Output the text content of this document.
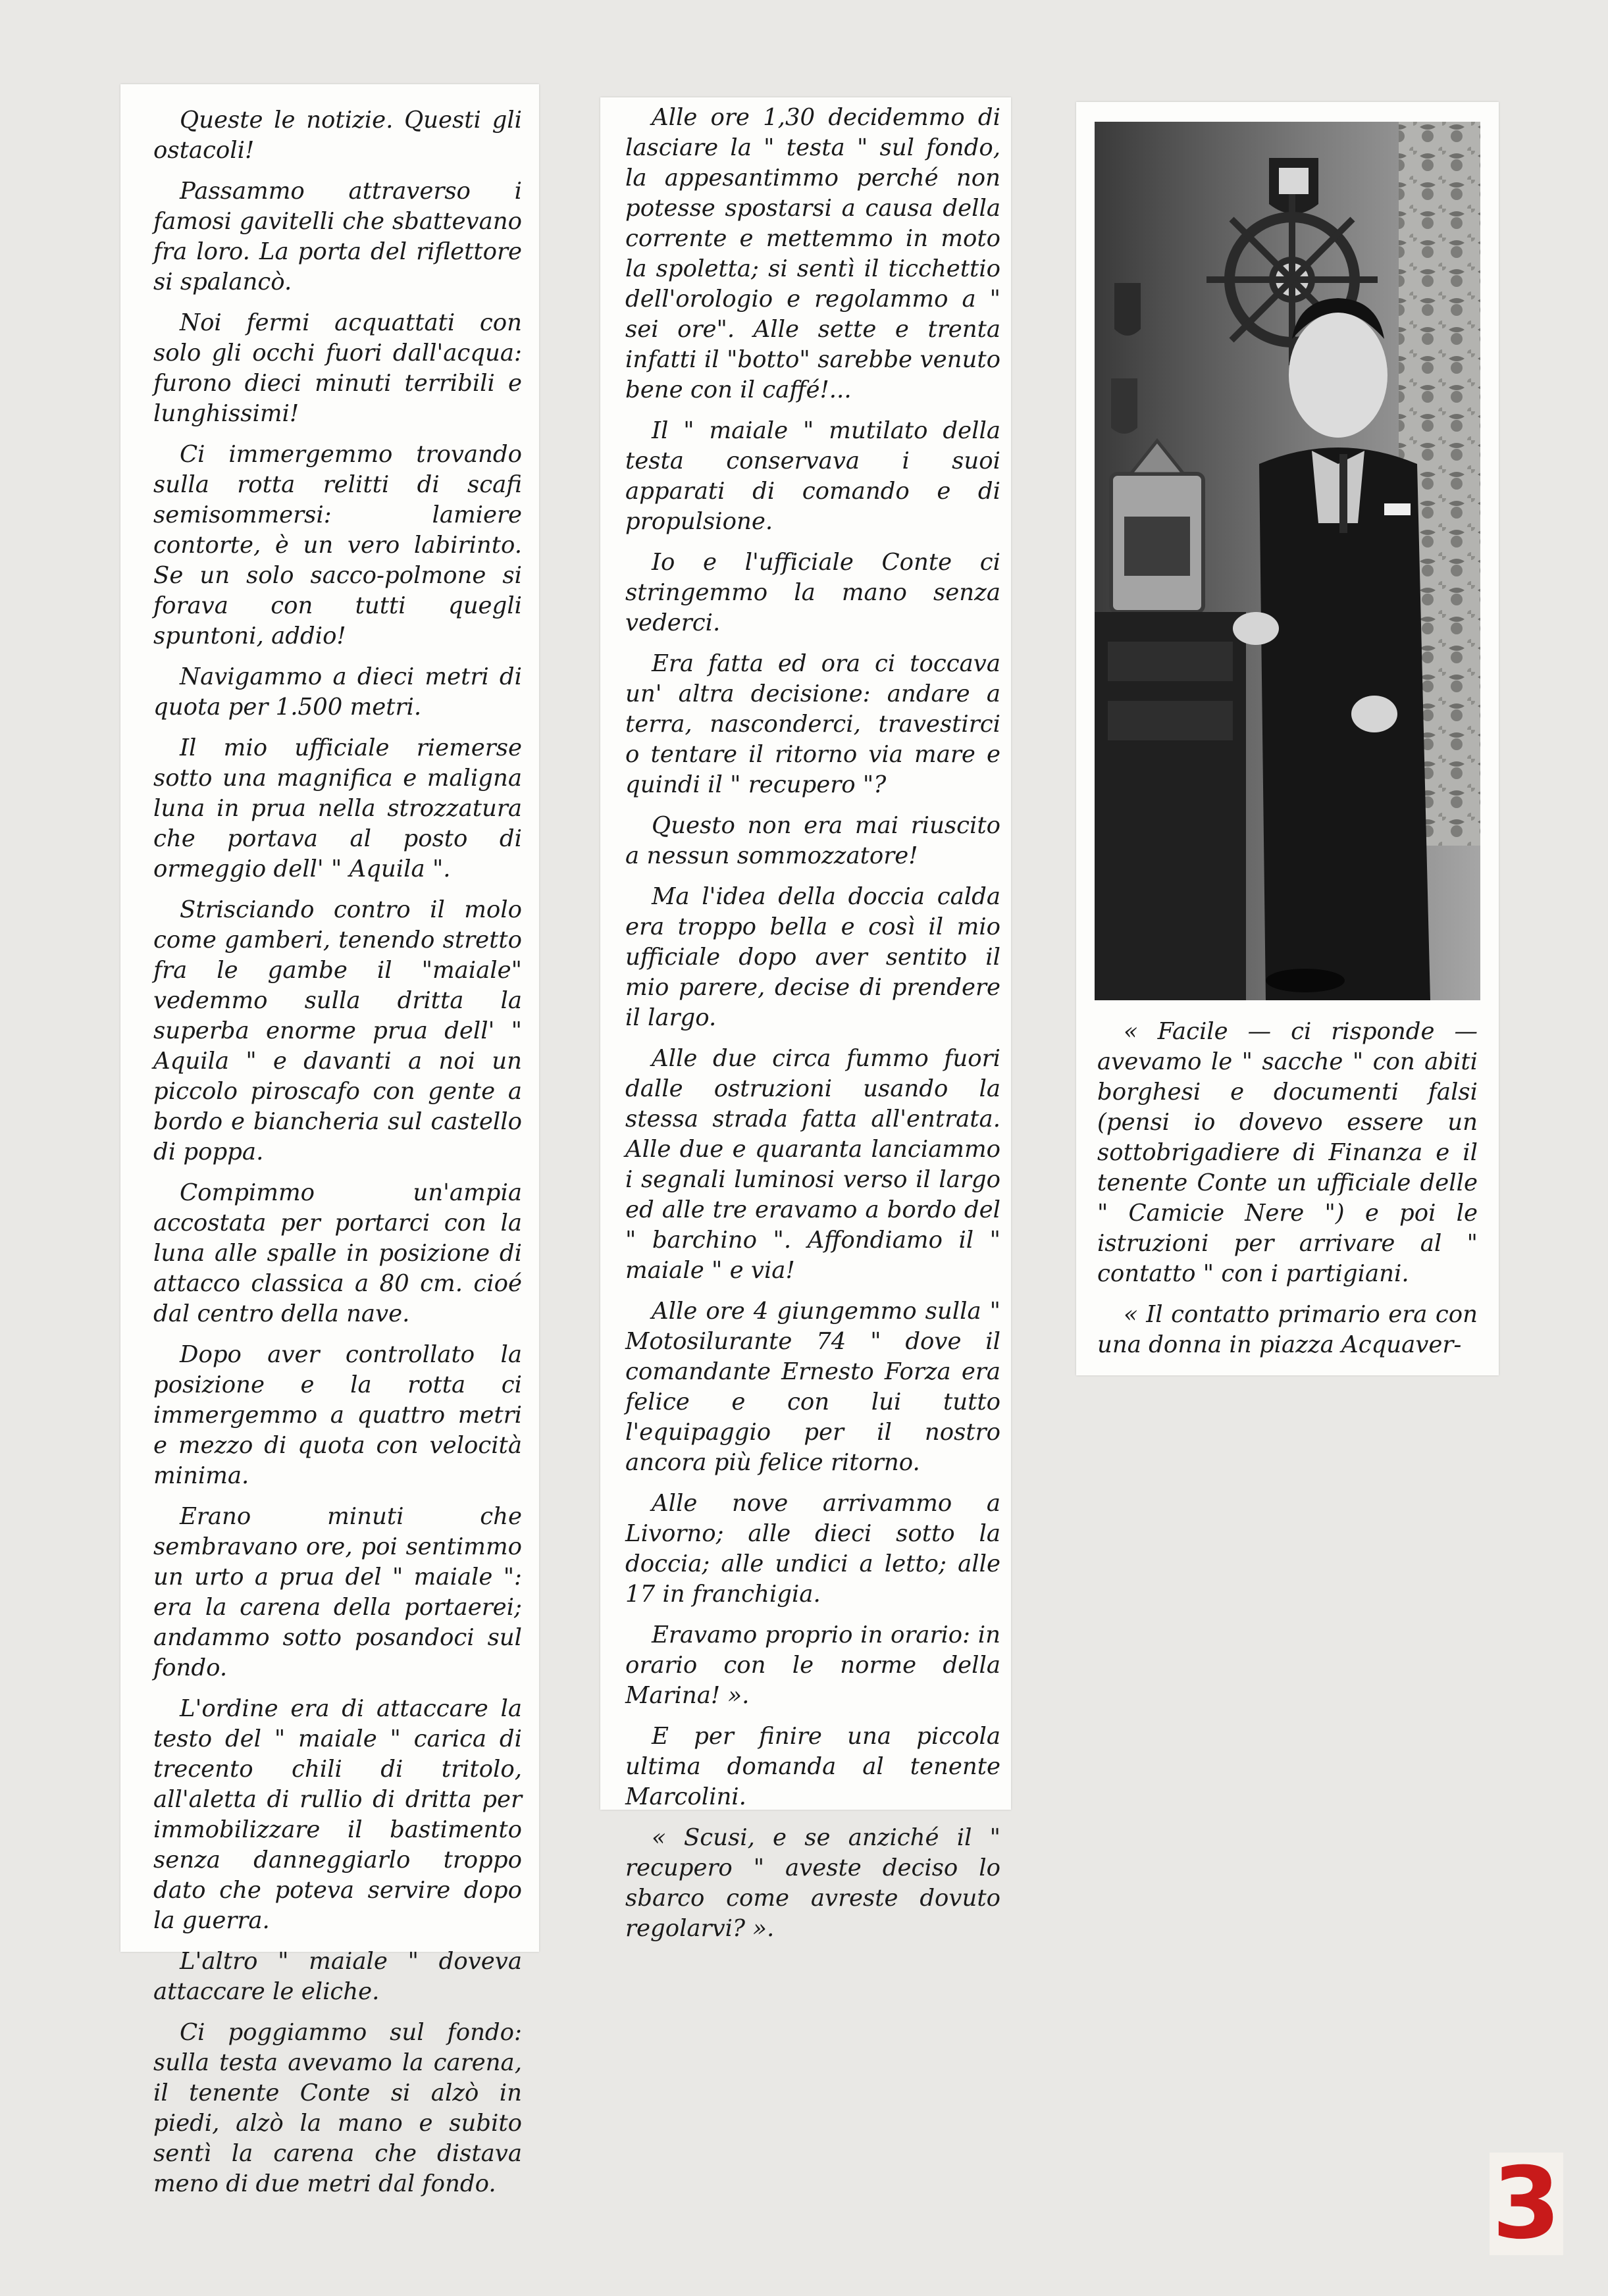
Queste le notizie. Questi gli ostacoli!

Passammo attraverso i famosi gavitelli che sbattevano fra loro. La porta del riflettore si spalancò.

Noi fermi acquattati con solo gli occhi fuori dall'acqua: furono dieci minuti terribili e lunghissimi!

Ci immergemmo trovando sulla rotta relitti di scafi semisommersi: lamiere contorte, è un vero labirinto. Se un solo sacco-polmone si forava con tutti quegli spuntoni, addio!

Navigammo a dieci metri di quota per 1.500 metri.

Il mio ufficiale riemerse sotto una magnifica e maligna luna in prua nella strozzatura che portava al posto di ormeggio dell' " Aquila ".

Strisciando contro il molo come gamberi, tenendo stretto fra le gambe il "maiale" vedemmo sulla dritta la superba enorme prua dell' " Aquila " e davanti a noi un piccolo piroscafo con gente a bordo e biancheria sul castello di poppa.

Compimmo un'ampia accostata per portarci con la luna alle spalle in posizione di attacco classica a 80 cm. cioé dal centro della nave.

Dopo aver controllato la posizione e la rotta ci immergemmo a quattro metri e mezzo di quota con velocità minima.

Erano minuti che sembravano ore, poi sentimmo un urto a prua del " maiale ": era la carena della portaerei; andammo sotto posandoci sul fondo.

L'ordine era di attaccare la testo del " maiale " carica di trecento chili di tritolo, all'aletta di rullio di dritta per immobilizzare il bastimento senza danneggiarlo troppo dato che poteva servire dopo la guerra.

L'altro " maiale " doveva attaccare le eliche.

Ci poggiammo sul fondo: sulla testa avevamo la carena, il tenente Conte si alzò in piedi, alzò la mano e subito sentì la carena che distava meno di due metri dal fondo.

Alle ore 1,30 decidemmo di lasciare la " testa " sul fondo, la appesantimmo perché non potesse spostarsi a causa della corrente e mettemmo in moto la spoletta; si sentì il ticchettio dell'orologio e regolammo a " sei ore". Alle sette e trenta infatti il "botto" sarebbe venuto bene con il caffé!...

Il " maiale " mutilato della testa conservava i suoi apparati di comando e di propulsione.

Io e l'ufficiale Conte ci stringemmo la mano senza vederci.

Era fatta ed ora ci toccava un' altra decisione: andare a terra, nasconderci, travestirci o tentare il ritorno via mare e quindi il " recupero "?

Questo non era mai riuscito a nessun sommozzatore!

Ma l'idea della doccia calda era troppo bella e così il mio ufficiale dopo aver sentito il mio parere, decise di prendere il largo.

Alle due circa fummo fuori dalle ostruzioni usando la stessa strada fatta all'entrata. Alle due e quaranta lanciammo i segnali luminosi verso il largo ed alle tre eravamo a bordo del " barchino ". Affondiamo il " maiale " e via!

Alle ore 4 giungemmo sulla " Motosilurante 74 " dove il comandante Ernesto Forza era felice e con lui tutto l'equipaggio per il nostro ancora più felice ritorno.

Alle nove arrivammo a Livorno; alle dieci sotto la doccia; alle undici a letto; alle 17 in franchigia.

Eravamo proprio in orario: in orario con le norme della Marina! ».

E per finire una piccola ultima domanda al tenente Marcolini.

« Scusi, e se anziché il " recupero " aveste deciso lo sbarco come avreste dovuto regolarvi? ».

« Facile — ci risponde — avevamo le " sacche " con abiti borghesi e documenti falsi (pensi io dovevo essere un sottobrigadiere di Finanza e il tenente Conte un ufficiale delle " Camicie Nere ") e poi le istruzioni per arrivare al " contatto " con i partigiani.

« Il contatto primario era con una donna in piazza Acquaver-

3
